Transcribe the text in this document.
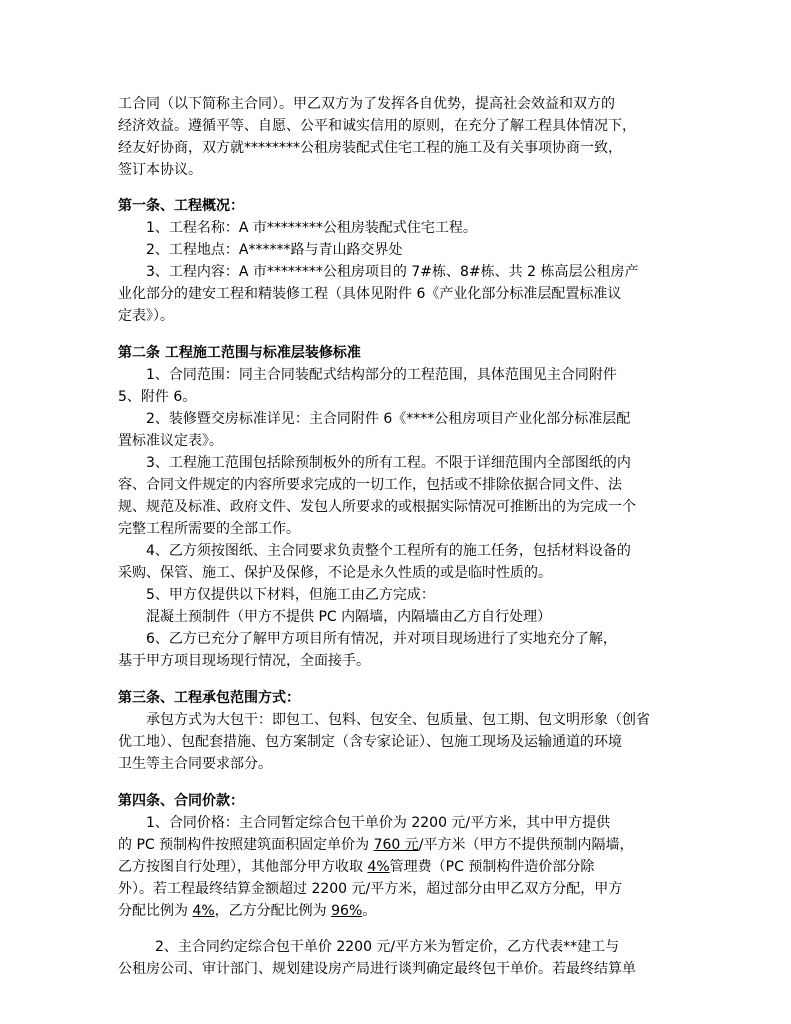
工合同（以下简称主合同）。甲乙双方为了发挥各自优势，提高社会效益和双方的
经济效益。遵循平等、自愿、公平和诚实信用的原则，在充分了解工程具体情况下，
经友好协商，双方就********公租房装配式住宅工程的施工及有关事项协商一致，
签订本协议。
第一条、工程概况：
1、工程名称：A 市********公租房装配式住宅工程。
2、工程地点：A******路与青山路交界处
3、工程内容：A 市********公租房项目的 7#栋、8#栋、共 2 栋高层公租房产
业化部分的建安工程和精装修工程（具体见附件 6《产业化部分标准层配置标准议
定表》）。
第二条 工程施工范围与标准层装修标准
1、合同范围：同主合同装配式结构部分的工程范围，具体范围见主合同附件
5、附件 6。
2、装修暨交房标准详见：主合同附件 6《****公租房项目产业化部分标准层配
置标准议定表》。
3、工程施工范围包括除预制板外的所有工程。不限于详细范围内全部图纸的内
容、合同文件规定的内容所要求完成的一切工作，包括或不排除依据合同文件、法
规、规范及标准、政府文件、发包人所要求的或根据实际情况可推断出的为完成一个
完整工程所需要的全部工作。
4、乙方须按图纸、主合同要求负责整个工程所有的施工任务，包括材料设备的
采购、保管、施工、保护及保修，不论是永久性质的或是临时性质的。
5、甲方仅提供以下材料，但施工由乙方完成：
混凝土预制件（甲方不提供 PC 内隔墙，内隔墙由乙方自行处理）
6、乙方已充分了解甲方项目所有情况，并对项目现场进行了实地充分了解，
基于甲方项目现场现行情况，全面接手。
第三条、工程承包范围方式：
承包方式为大包干：即包工、包料、包安全、包质量、包工期、包文明形象（创省
优工地）、包配套措施、包方案制定（含专家论证）、包施工现场及运输通道的环境
卫生等主合同要求部分。
第四条、合同价款：
1、合同价格：主合同暂定综合包干单价为 2200 元/平方米，其中甲方提供
的 PC 预制构件按照建筑面积固定单价为 760 元/平方米（甲方不提供预制内隔墙，
乙方按图自行处理），其他部分甲方收取 4%管理费（PC 预制构件造价部分除
外）。若工程最终结算金额超过 2200 元/平方米，超过部分由甲乙双方分配，甲方
分配比例为 4%，乙方分配比例为 96%。
2、主合同约定综合包干单价 2200 元/平方米为暂定价，乙方代表**建工与
公租房公司、审计部门、规划建设房产局进行谈判确定最终包干单价。若最终结算单
